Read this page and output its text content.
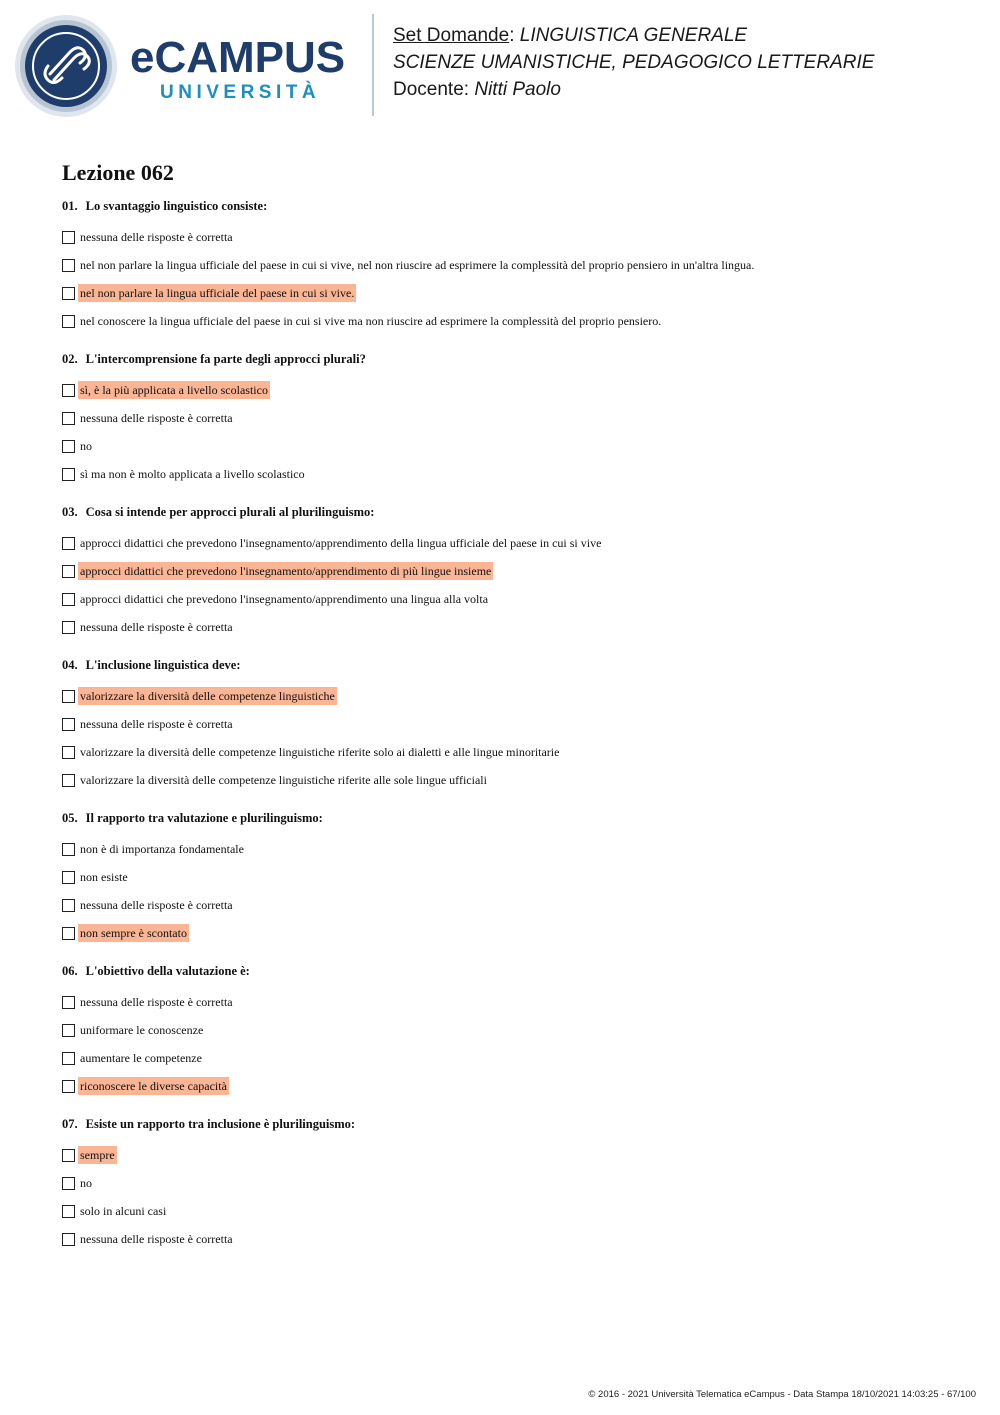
eCAMPUS
UNIVERSITÀ
Set Domande: LINGUISTICA GENERALE
SCIENZE UMANISTICHE, PEDAGOGICO LETTERARIE
Docente: Nitti Paolo
Lezione 062
01. Lo svantaggio linguistico consiste:
nessuna delle risposte è corretta
nel non parlare la lingua ufficiale del paese in cui si vive, nel non riuscire ad esprimere la complessità del proprio pensiero in un'altra lingua.
nel non parlare la lingua ufficiale del paese in cui si vive.
nel conoscere la lingua ufficiale del paese in cui si vive ma non riuscire ad esprimere la complessità del proprio pensiero.
02. L'intercomprensione fa parte degli approcci plurali?
sì, è la più applicata a livello scolastico
nessuna delle risposte è corretta
no
sì ma non è molto applicata a livello scolastico
03. Cosa si intende per approcci plurali al plurilinguismo:
approcci didattici che prevedono l'insegnamento/apprendimento della lingua ufficiale del paese in cui si vive
approcci didattici che prevedono l'insegnamento/apprendimento di più lingue insieme
approcci didattici che prevedono l'insegnamento/apprendimento una lingua alla volta
nessuna delle risposte è corretta
04. L'inclusione linguistica deve:
valorizzare la diversità delle competenze linguistiche
nessuna delle risposte è corretta
valorizzare la diversità delle competenze linguistiche riferite solo ai dialetti e alle lingue minoritarie
valorizzare la diversità delle competenze linguistiche riferite alle sole lingue ufficiali
05. Il rapporto tra valutazione e plurilinguismo:
non è di importanza fondamentale
non esiste
nessuna delle risposte è corretta
non sempre è scontato
06. L'obiettivo della valutazione è:
nessuna delle risposte è corretta
uniformare le conoscenze
aumentare le competenze
riconoscere le diverse capacità
07. Esiste un rapporto tra inclusione è plurilinguismo:
sempre
no
solo in alcuni casi
nessuna delle risposte è corretta
© 2016 - 2021 Università Telematica eCampus - Data Stampa 18/10/2021 14:03:25 - 67/100
